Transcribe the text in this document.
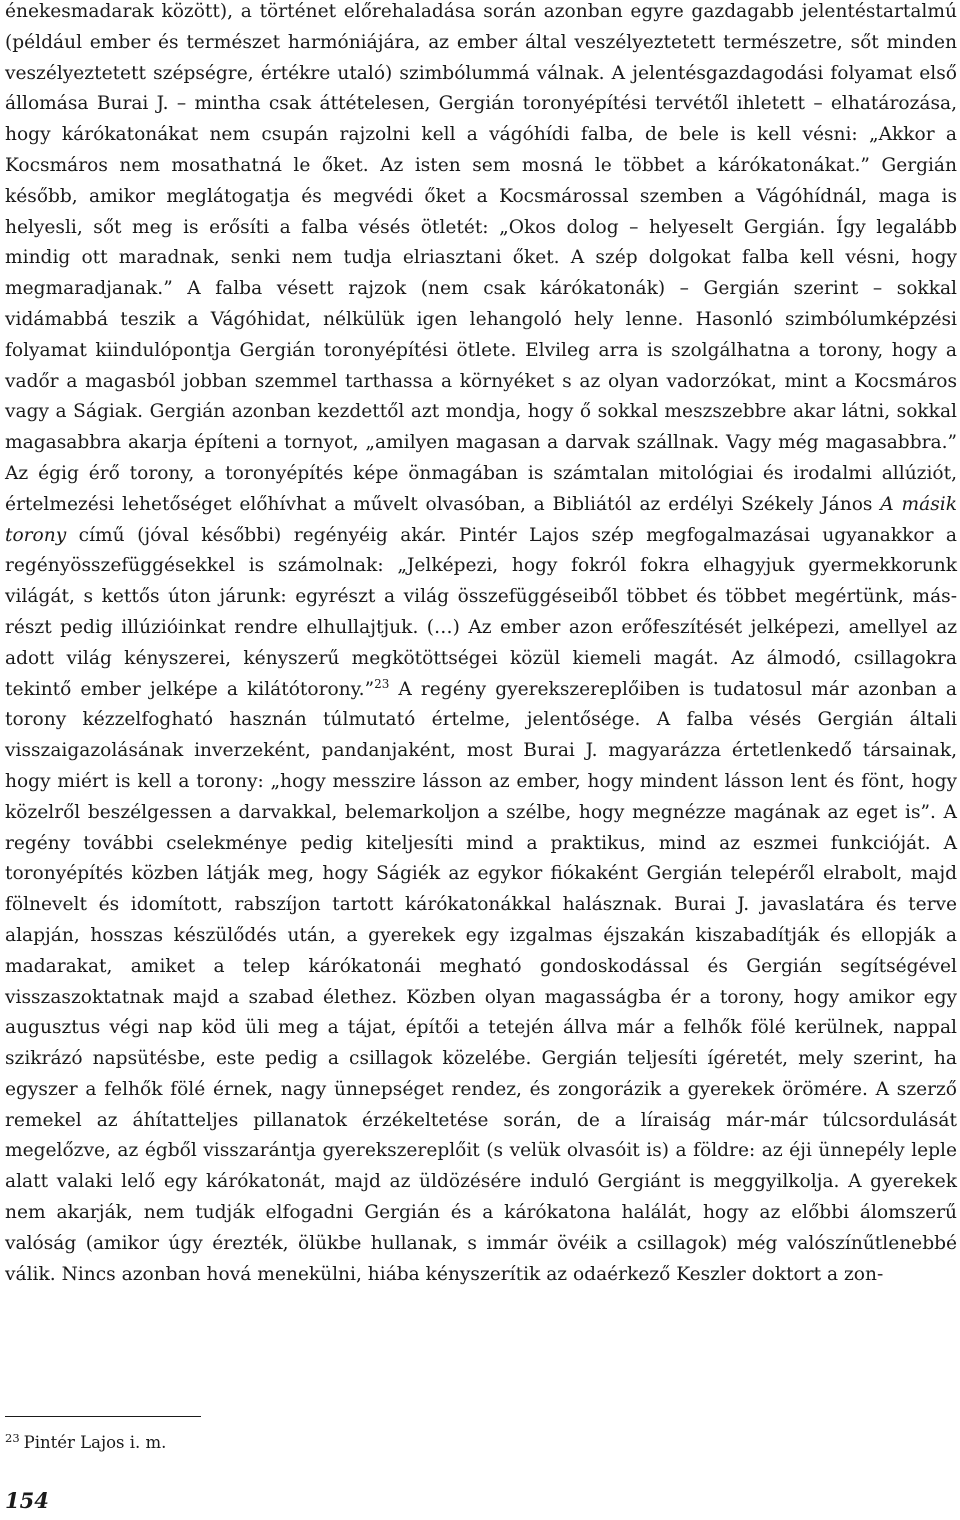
énekesmadarak között), a történet előrehaladása során azonban egyre gazdagabb jelentéstartalmú (például ember és természet harmóniájára, az ember által veszélyeztetett természetre, sőt minden veszélyeztetett szépségre, értékre utaló) szimbólummá válnak. A jelentésgazdagodási folyamat első állomása Burai J. – mintha csak áttételesen, Gergián toronyépítési tervétől ihletett – elhatározása, hogy kárókatonákat nem csupán rajzolni kell a vágóhídi falba, de bele is kell vésni: „Akkor a Kocsmáros nem mosathatná le őket. Az isten sem mosná le többet a kárókatonákat.” Gergián később, amikor meglátogatja és megvédi őket a Kocsmárossal szemben a Vágóhídnál, maga is helyesli, sőt meg is erősíti a falba vésés ötletét: „Okos dolog – helyeselt Gergián. Így legalább mindig ott maradnak, senki nem tudja elriasztani őket. A szép dolgokat falba kell vésni, hogy megmaradjanak.” A falba vésett rajzok (nem csak kárókatonák) – Gergián szerint – sokkal vidámabbá teszik a Vágóhidat, nélkülük igen lehangoló hely lenne. Hasonló szimbólumképzési folyamat kiindulópontja Gergián toronyépítési ötlete. Elvileg arra is szolgálhatna a torony, hogy a vadőr a magasból jobban szemmel tarthassa a környéket s az olyan vadorzókat, mint a Kocsmáros vagy a Ságiak. Gergián azonban kezdettől azt mondja, hogy ő sokkal meszszebbre akar látni, sokkal magasabbra akarja építeni a tornyot, „amilyen magasan a darvak szállnak. Vagy még magasabbra.” Az égig érő torony, a toronyépítés képe önmagában is számtalan mitológiai és irodalmi allúziót, értelmezési lehetőséget előhívhat a művelt olvasóban, a Bibliától az erdélyi Székely János A másik torony című (jóval későbbi) regényéig akár. Pintér Lajos szép megfogalmazásai ugyanakkor a regényösszefüggésekkel is számolnak: „Jelképezi, hogy fokról fokra elhagyjuk gyermekkorunk világát, s kettős úton járunk: egyrészt a világ összefüggéseiből többet és többet megértünk, másrészt pedig illúzióinkat rendre elhullajtjuk. (…) Az ember azon erőfeszítését jelképezi, amellyel az adott világ kényszerei, kényszerű megkötöttségei közül kiemeli magát. Az álmodó, csillagokra tekintő ember jelképe a kilátótorony.”$^{23}$ A regény gyerekszereplőiben is tudatosul már azonban a torony kézzelfogható hasznán túlmutató értelme, jelentősége. A falba vésés Gergián általi visszaigazolásának inverzeként, pandanjaként, most Burai J. magyarázza értetlenkedő társainak, hogy miért is kell a torony: „hogy messzire lásson az ember, hogy mindent lásson lent és fönt, hogy közelről beszélgessen a darvakkal, belemarkoljon a szélbe, hogy megnézze magának az eget is”. A regény további cselekménye pedig kiteljesíti mind a praktikus, mind az eszmei funkcióját. A toronyépítés közben látják meg, hogy Ságiék az egykor fiókaként Gergián telepéről elrabolt, majd fölnevelt és idomított, rabszíjon tartott kárókatonákkal halásznak. Burai J. javaslatára és terve alapján, hosszas készülődés után, a gyerekek egy izgalmas éjszakán kiszabadítják és ellopják a madarakat, amiket a telep kárókatonái megható gondoskodással és Gergián segítségével visszaszoktatnak majd a szabad élethez. Közben olyan magasságba ér a torony, hogy amikor egy augusztus végi nap köd üli meg a tájat, építői a tetején állva már a felhők fölé kerülnek, nappal szikrázó napsütésbe, este pedig a csillagok közelébe. Gergián teljesíti ígéretét, mely szerint, ha egyszer a felhők fölé érnek, nagy ünnepséget rendez, és zongorázik a gyerekek örömére. A szerző remekel az áhítatteljes pillanatok érzékeltetése során, de a líraiság már-már túlcsordulását megelőzve, az égből visszarántja gyerekszereplőit (s velük olvasóit is) a földre: az éji ünnepély leple alatt valaki lelő egy kárókatonát, majd az üldözésére induló Gergiánt is meggyilkolja. A gyerekek nem akarják, nem tudják elfogadni Gergián és a kárókatona halálát, hogy az előbbi álomszerű valóság (amikor úgy érezték, ölükbe hullanak, s immár övéik a csillagok) még valószínűtlenebbé válik. Nincs azonban hová menekülni, hiába kényszerítik az odaérkező Keszler doktort a zon-

$^{23}$ Pintér Lajos i. m.

154
